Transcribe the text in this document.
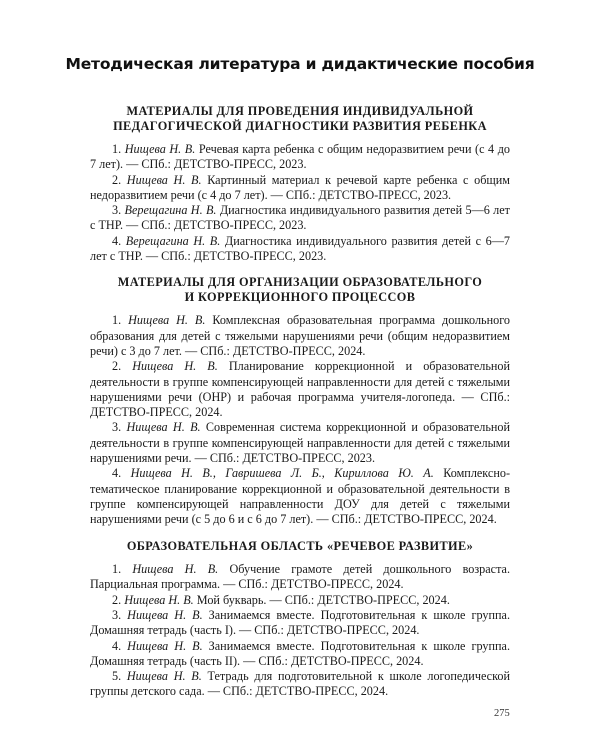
Методическая литература и дидактические пособия
МАТЕРИАЛЫ ДЛЯ ПРОВЕДЕНИЯ ИНДИВИДУАЛЬНОЙ
ПЕДАГОГИЧЕСКОЙ ДИАГНОСТИКИ РАЗВИТИЯ РЕБЕНКА

1. Нищева Н. В. Речевая карта ребенка с общим недоразвитием речи (с 4 до 7 лет). — СПб.: ДЕТСТВО-ПРЕСС, 2023.

2. Нищева Н. В. Картинный материал к речевой карте ребенка с общим недоразвитием речи (с 4 до 7 лет). — СПб.: ДЕТСТВО-ПРЕСС, 2023.

3. Верещагина Н. В. Диагностика индивидуального развития детей 5—6 лет с ТНР. — СПб.: ДЕТСТВО-ПРЕСС, 2023.

4. Верещагина Н. В. Диагностика индивидуального развития детей с 6—7 лет с ТНР. — СПб.: ДЕТСТВО-ПРЕСС, 2023.

МАТЕРИАЛЫ ДЛЯ ОРГАНИЗАЦИИ ОБРАЗОВАТЕЛЬНОГО
И КОРРЕКЦИОННОГО ПРОЦЕССОВ

1. Нищева Н. В. Комплексная образовательная программа дошкольного образования для детей с тяжелыми нарушениями речи (общим недоразвитием речи) с 3 до 7 лет. — СПб.: ДЕТСТВО-ПРЕСС, 2024.

2. Нищева Н. В. Планирование коррекционной и образовательной деятельности в группе компенсирующей направленности для детей с тяжелыми нарушениями речи (ОНР) и рабочая программа учителя-логопеда. — СПб.: ДЕТСТВО-ПРЕСС, 2024.

3. Нищева Н. В. Современная система коррекционной и образовательной деятельности в группе компенсирующей направленности для детей с тяжелыми нарушениями речи. — СПб.: ДЕТСТВО-ПРЕСС, 2023.

4. Нищева Н. В., Гавришева Л. Б., Кириллова Ю. А. Комплексно-тематическое планирование коррекционной и образовательной деятельности в группе компенсирующей направленности ДОУ для детей с тяжелыми нарушениями речи (с 5 до 6 и с 6 до 7 лет). — СПб.: ДЕТСТВО-ПРЕСС, 2024.

ОБРАЗОВАТЕЛЬНАЯ ОБЛАСТЬ «РЕЧЕВОЕ РАЗВИТИЕ»

1. Нищева Н. В. Обучение грамоте детей дошкольного возраста. Парциальная программа. — СПб.: ДЕТСТВО-ПРЕСС, 2024.

2. Нищева Н. В. Мой букварь. — СПб.: ДЕТСТВО-ПРЕСС, 2024.

3. Нищева Н. В. Занимаемся вместе. Подготовительная к школе группа. Домашняя тетрадь (часть I). — СПб.: ДЕТСТВО-ПРЕСС, 2024.

4. Нищева Н. В. Занимаемся вместе. Подготовительная к школе группа. Домашняя тетрадь (часть II). — СПб.: ДЕТСТВО-ПРЕСС, 2024.

5. Нищева Н. В. Тетрадь для подготовительной к школе логопедической группы детского сада. — СПб.: ДЕТСТВО-ПРЕСС, 2024.

275
